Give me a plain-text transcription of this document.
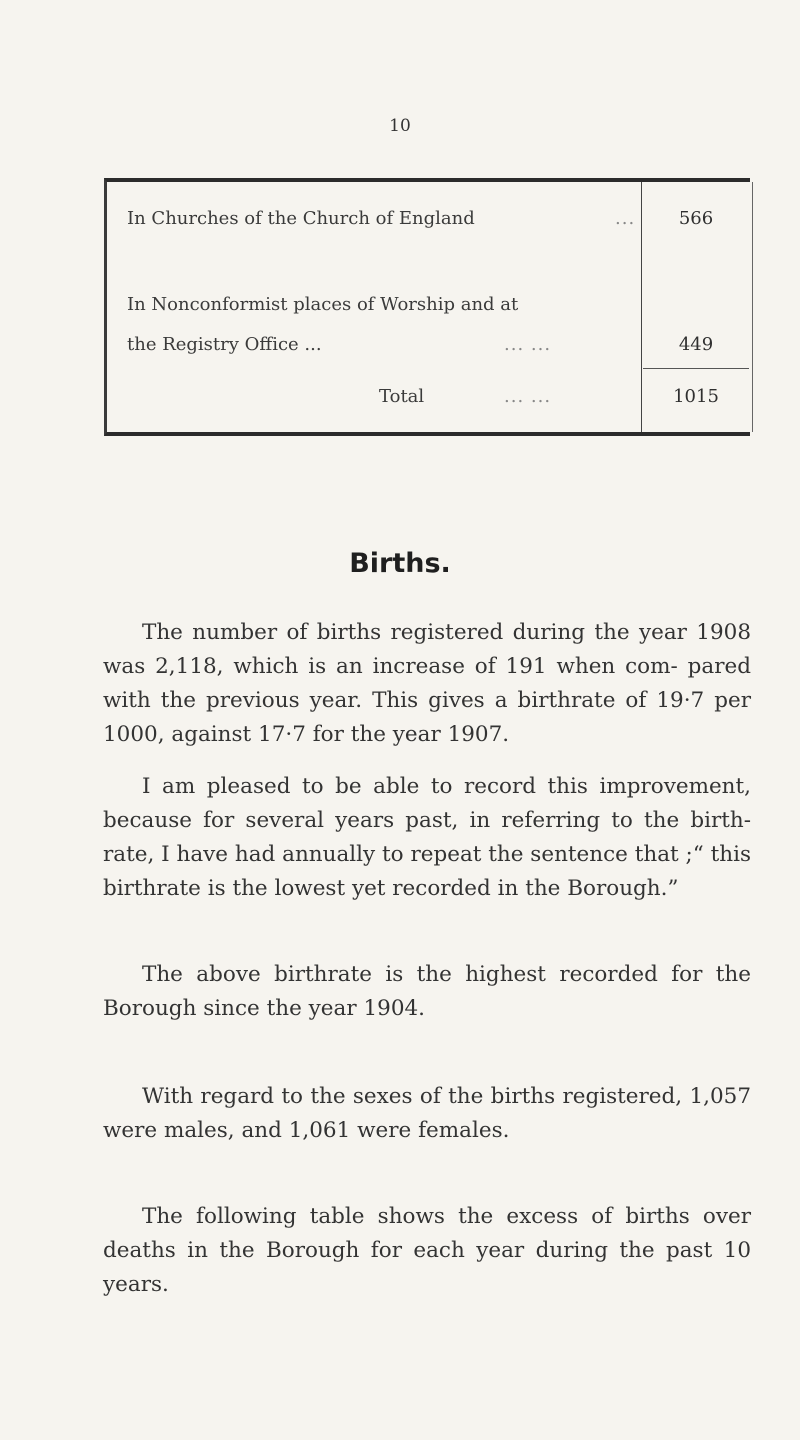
10
In Churches of the Church of England	...	566
In Nonconformist places of Worship and at
the Registry Office ...	... ...	449
Total	... ...	1015
Births.

The number of births registered during the year 1908 was 2,118, which is an increase of 191 when com- pared with the previous year. This gives a birthrate of 19·7 per 1000, against 17·7 for the year 1907.

I am pleased to be able to record this improvement, because for several years past, in referring to the birth- rate, I have had annually to repeat the sentence that ;“ this birthrate is the lowest yet recorded in the Borough.”

The above birthrate is the highest recorded for the Borough since the year 1904.

With regard to the sexes of the births registered, 1,057 were males, and 1,061 were females.

The following table shows the excess of births over deaths in the Borough for each year during the past 10 years.
